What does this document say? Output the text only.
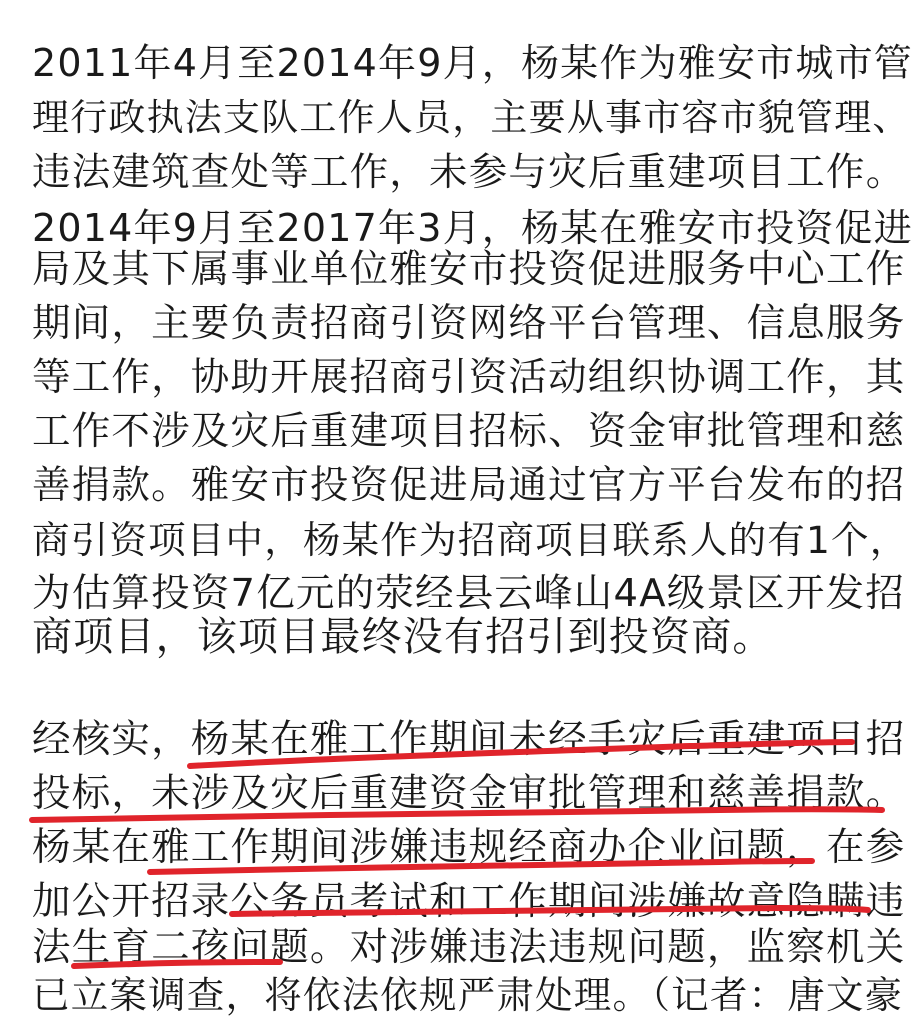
2011年4月至2014年9月，杨某作为雅安市城市管
理行政执法支队工作人员，主要从事市容市貌管理、
违法建筑查处等工作，未参与灾后重建项目工作。
2014年9月至2017年3月，杨某在雅安市投资促进
局及其下属事业单位雅安市投资促进服务中心工作
期间，主要负责招商引资网络平台管理、信息服务
等工作，协助开展招商引资活动组织协调工作，其
工作不涉及灾后重建项目招标、资金审批管理和慈
善捐款。雅安市投资促进局通过官方平台发布的招
商引资项目中，杨某作为招商项目联系人的有1个，
为估算投资7亿元的荥经县云峰山4A级景区开发招
商项目，该项目最终没有招引到投资商。
经核实，杨某在雅工作期间未经手灾后重建项目招
投标，未涉及灾后重建资金审批管理和慈善捐款。
杨某在雅工作期间涉嫌违规经商办企业问题，在参
加公开招录公务员考试和工作期间涉嫌故意隐瞒违
法生育二孩问题。对涉嫌违法违规问题，监察机关
已立案调查，将依法依规严肃处理。（记者：唐文豪
